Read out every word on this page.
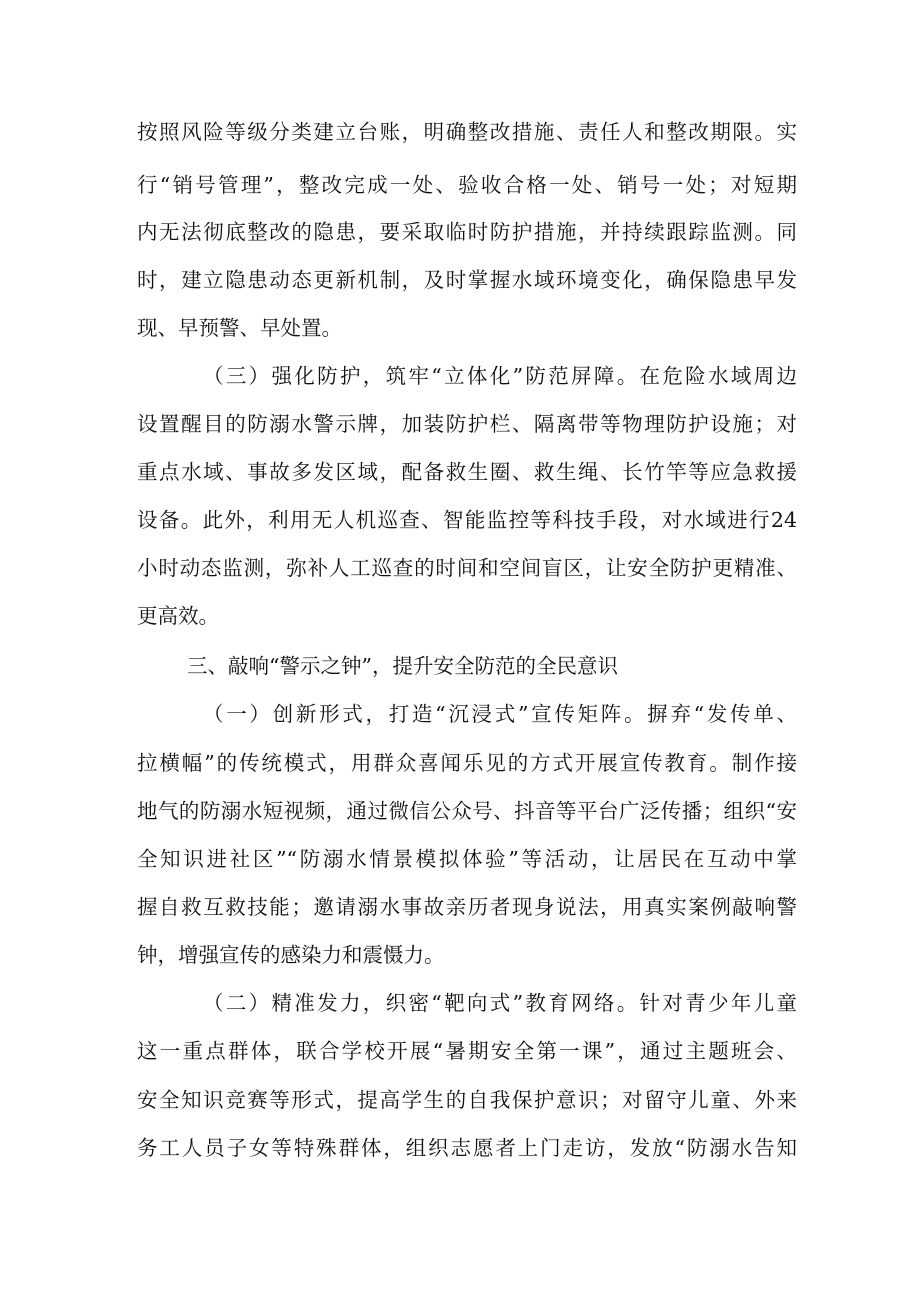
按照风险等级分类建立台账，明确整改措施、责任人和整改期限。实
行“销号管理”，整改完成一处、验收合格一处、销号一处；对短期
内无法彻底整改的隐患，要采取临时防护措施，并持续跟踪监测。同
时，建立隐患动态更新机制，及时掌握水域环境变化，确保隐患早发
现、早预警、早处置。
（三）强化防护，筑牢“立体化”防范屏障。在危险水域周边
设置醒目的防溺水警示牌，加装防护栏、隔离带等物理防护设施；对
重点水域、事故多发区域，配备救生圈、救生绳、长竹竿等应急救援
设备。此外，利用无人机巡查、智能监控等科技手段，对水域进行24
小时动态监测，弥补人工巡查的时间和空间盲区，让安全防护更精准、
更高效。
三、敲响“警示之钟”，提升安全防范的全民意识
（一）创新形式，打造“沉浸式”宣传矩阵。摒弃“发传单、
拉横幅”的传统模式，用群众喜闻乐见的方式开展宣传教育。制作接
地气的防溺水短视频，通过微信公众号、抖音等平台广泛传播；组织“安
全知识进社区”“防溺水情景模拟体验”等活动，让居民在互动中掌
握自救互救技能；邀请溺水事故亲历者现身说法，用真实案例敲响警
钟，增强宣传的感染力和震慑力。
（二）精准发力，织密“靶向式”教育网络。针对青少年儿童
这一重点群体，联合学校开展“暑期安全第一课”，通过主题班会、
安全知识竞赛等形式，提高学生的自我保护意识；对留守儿童、外来
务工人员子女等特殊群体，组织志愿者上门走访，发放“防溺水告知
